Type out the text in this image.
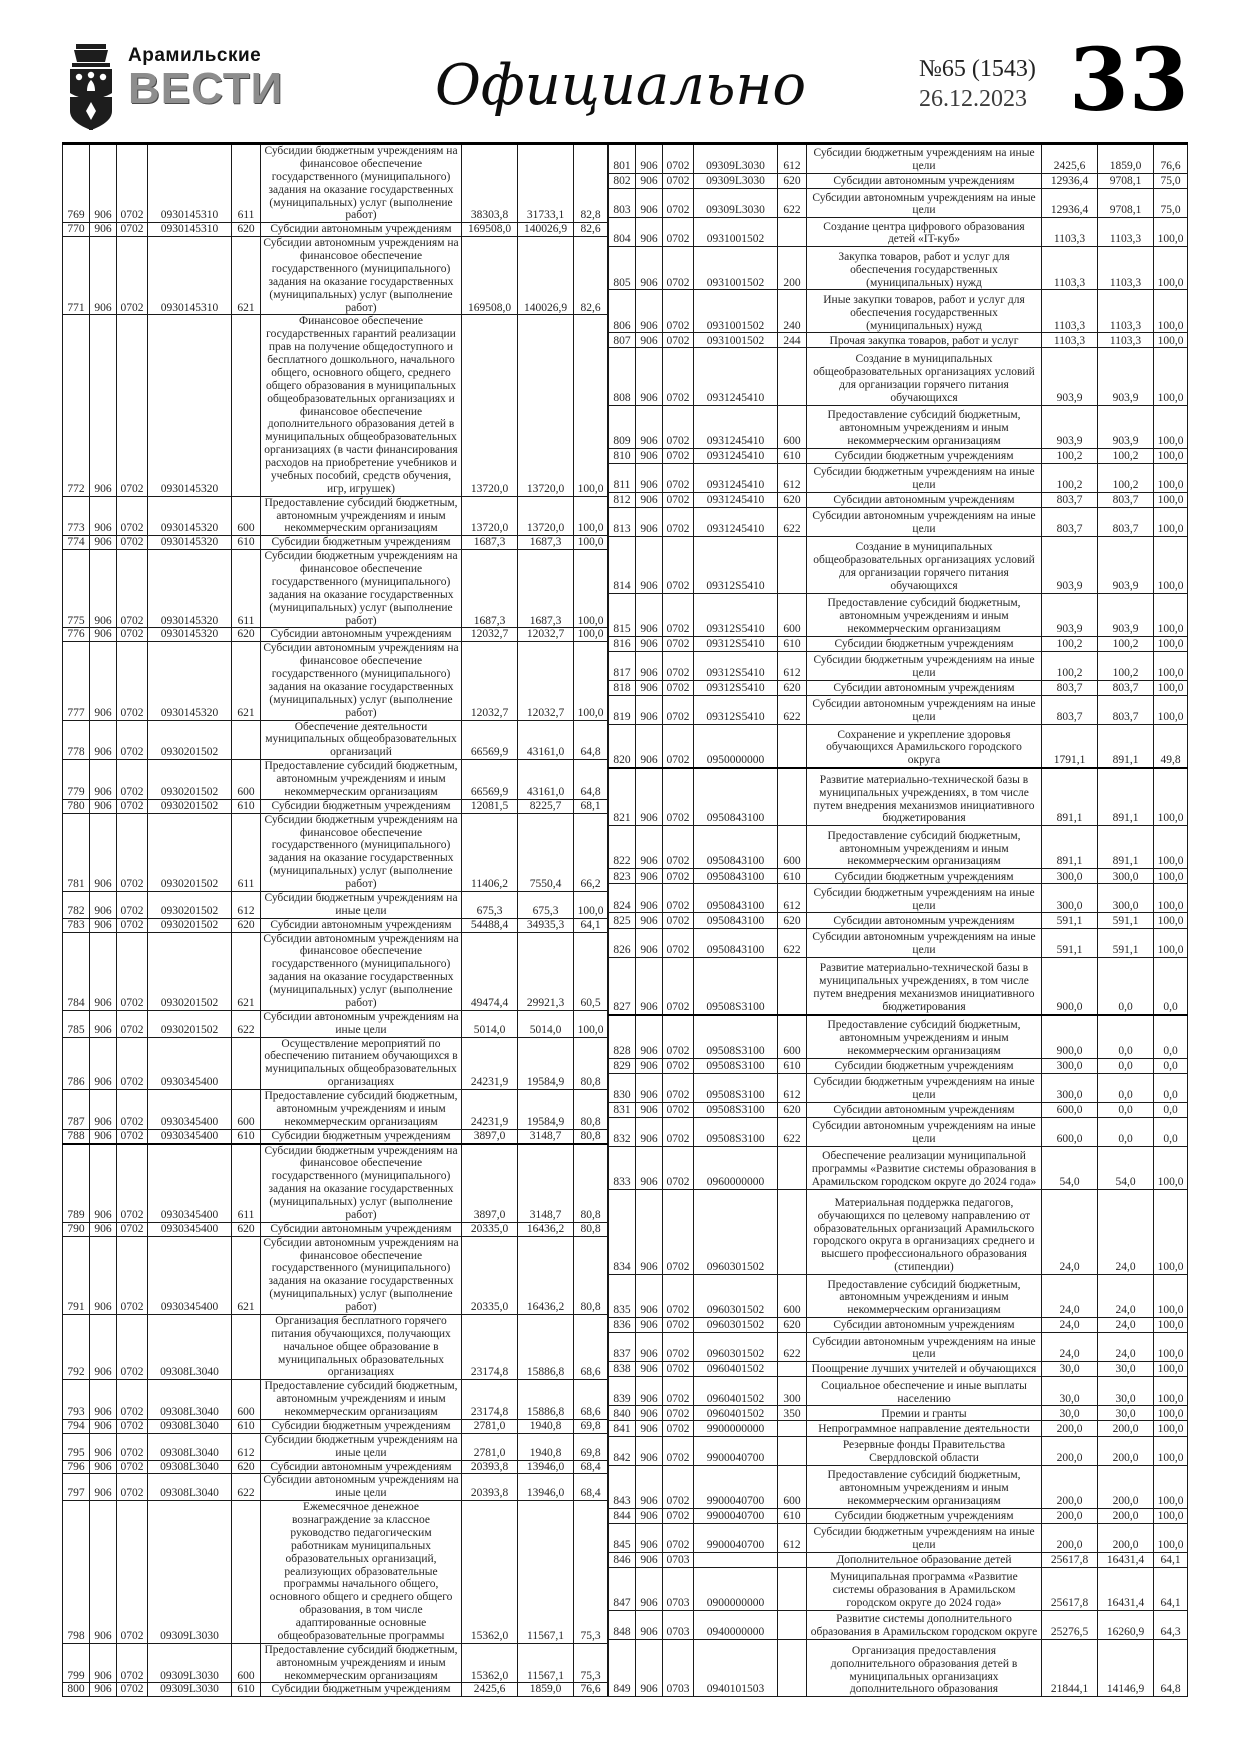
Арамильские
ВЕСТИ	Официально	№65 (1543)
26.12.2023 33
769	906	0702	0930145310	611	Субсидии бюджетным учреждениям на финансовое обеспечение государственного (муниципального) задания на оказание государственных (муниципальных) услуг (выполнение работ)	38303,8	31733,1	82,8
770	906	0702	0930145310	620	Субсидии автономным учреждениям	169508,0	140026,9	82,6
771	906	0702	0930145310	621	Субсидии автономным учреждениям на финансовое обеспечение государственного (муниципального) задания на оказание государственных (муниципальных) услуг (выполнение работ)	169508,0	140026,9	82,6
772	906	0702	0930145320		Финансовое обеспечение государственных гарантий реализации прав на получение общедоступного и бесплатного дошкольного, начального общего, основного общего, среднего общего образования в муниципальных общеобразовательных организациях и финансовое обеспечение дополнительного образования детей в муниципальных общеобразовательных организациях (в части финансирования расходов на приобретение учебников и учебных пособий, средств обучения, игр, игрушек)	13720,0	13720,0	100,0
773	906	0702	0930145320	600	Предоставление субсидий бюджетным, автономным учреждениям и иным некоммерческим организациям	13720,0	13720,0	100,0
774	906	0702	0930145320	610	Субсидии бюджетным учреждениям	1687,3	1687,3	100,0
775	906	0702	0930145320	611	Субсидии бюджетным учреждениям на финансовое обеспечение государственного (муниципального) задания на оказание государственных (муниципальных) услуг (выполнение работ)	1687,3	1687,3	100,0
776	906	0702	0930145320	620	Субсидии автономным учреждениям	12032,7	12032,7	100,0
777	906	0702	0930145320	621	Субсидии автономным учреждениям на финансовое обеспечение государственного (муниципального) задания на оказание государственных (муниципальных) услуг (выполнение работ)	12032,7	12032,7	100,0
778	906	0702	0930201502		Обеспечение деятельности муниципальных общеобразовательных организаций	66569,9	43161,0	64,8
779	906	0702	0930201502	600	Предоставление субсидий бюджетным, автономным учреждениям и иным некоммерческим организациям	66569,9	43161,0	64,8
780	906	0702	0930201502	610	Субсидии бюджетным учреждениям	12081,5	8225,7	68,1
781	906	0702	0930201502	611	Субсидии бюджетным учреждениям на финансовое обеспечение государственного (муниципального) задания на оказание государственных (муниципальных) услуг (выполнение работ)	11406,2	7550,4	66,2
782	906	0702	0930201502	612	Субсидии бюджетным учреждениям на иные цели	675,3	675,3	100,0
783	906	0702	0930201502	620	Субсидии автономным учреждениям	54488,4	34935,3	64,1
784	906	0702	0930201502	621	Субсидии автономным учреждениям на финансовое обеспечение государственного (муниципального) задания на оказание государственных (муниципальных) услуг (выполнение работ)	49474,4	29921,3	60,5
785	906	0702	0930201502	622	Субсидии автономным учреждениям на иные цели	5014,0	5014,0	100,0
786	906	0702	0930345400		Осуществление мероприятий по обеспечению питанием обучающихся в муниципальных общеобразовательных организациях	24231,9	19584,9	80,8
787	906	0702	0930345400	600	Предоставление субсидий бюджетным, автономным учреждениям и иным некоммерческим организациям	24231,9	19584,9	80,8
788	906	0702	0930345400	610	Субсидии бюджетным учреждениям	3897,0	3148,7	80,8
789	906	0702	0930345400	611	Субсидии бюджетным учреждениям на финансовое обеспечение государственного (муниципального) задания на оказание государственных (муниципальных) услуг (выполнение работ)	3897,0	3148,7	80,8
790	906	0702	0930345400	620	Субсидии автономным учреждениям	20335,0	16436,2	80,8
791	906	0702	0930345400	621	Субсидии автономным учреждениям на финансовое обеспечение государственного (муниципального) задания на оказание государственных (муниципальных) услуг (выполнение работ)	20335,0	16436,2	80,8
792	906	0702	09308L3040		Организация бесплатного горячего питания обучающихся, получающих начальное общее образование в муниципальных образовательных организациях	23174,8	15886,8	68,6
793	906	0702	09308L3040	600	Предоставление субсидий бюджетным, автономным учреждениям и иным некоммерческим организациям	23174,8	15886,8	68,6
794	906	0702	09308L3040	610	Субсидии бюджетным учреждениям	2781,0	1940,8	69,8
795	906	0702	09308L3040	612	Субсидии бюджетным учреждениям на иные цели	2781,0	1940,8	69,8
796	906	0702	09308L3040	620	Субсидии автономным учреждениям	20393,8	13946,0	68,4
797	906	0702	09308L3040	622	Субсидии автономным учреждениям на иные цели	20393,8	13946,0	68,4
798	906	0702	09309L3030		Ежемесячное денежное вознаграждение за классное руководство педагогическим работникам муниципальных образовательных организаций, реализующих образовательные программы начального общего, основного общего и среднего общего образования, в том числе адаптированные основные общеобразовательные программы	15362,0	11567,1	75,3
799	906	0702	09309L3030	600	Предоставление субсидий бюджетным, автономным учреждениям и иным некоммерческим организациям	15362,0	11567,1	75,3
800	906	0702	09309L3030	610	Субсидии бюджетным учреждениям	2425,6	1859,0	76,6
801	906	0702	09309L3030	612	Субсидии бюджетным учреждениям на иные цели	2425,6	1859,0	76,6
802	906	0702	09309L3030	620	Субсидии автономным учреждениям	12936,4	9708,1	75,0
803	906	0702	09309L3030	622	Субсидии автономным учреждениям на иные цели	12936,4	9708,1	75,0
804	906	0702	0931001502		Создание центра цифрового образования детей «IT-куб»	1103,3	1103,3	100,0
805	906	0702	0931001502	200	Закупка товаров, работ и услуг для обеспечения государственных (муниципальных) нужд	1103,3	1103,3	100,0
806	906	0702	0931001502	240	Иные закупки товаров, работ и услуг для обеспечения государственных (муниципальных) нужд	1103,3	1103,3	100,0
807	906	0702	0931001502	244	Прочая закупка товаров, работ и услуг	1103,3	1103,3	100,0
808	906	0702	0931245410		Создание в муниципальных общеобразовательных организациях условий для организации горячего питания обучающихся	903,9	903,9	100,0
809	906	0702	0931245410	600	Предоставление субсидий бюджетным, автономным учреждениям и иным некоммерческим организациям	903,9	903,9	100,0
810	906	0702	0931245410	610	Субсидии бюджетным учреждениям	100,2	100,2	100,0
811	906	0702	0931245410	612	Субсидии бюджетным учреждениям на иные цели	100,2	100,2	100,0
812	906	0702	0931245410	620	Субсидии автономным учреждениям	803,7	803,7	100,0
813	906	0702	0931245410	622	Субсидии автономным учреждениям на иные цели	803,7	803,7	100,0
814	906	0702	09312S5410		Создание в муниципальных общеобразовательных организациях условий для организации горячего питания обучающихся	903,9	903,9	100,0
815	906	0702	09312S5410	600	Предоставление субсидий бюджетным, автономным учреждениям и иным некоммерческим организациям	903,9	903,9	100,0
816	906	0702	09312S5410	610	Субсидии бюджетным учреждениям	100,2	100,2	100,0
817	906	0702	09312S5410	612	Субсидии бюджетным учреждениям на иные цели	100,2	100,2	100,0
818	906	0702	09312S5410	620	Субсидии автономным учреждениям	803,7	803,7	100,0
819	906	0702	09312S5410	622	Субсидии автономным учреждениям на иные цели	803,7	803,7	100,0
820	906	0702	0950000000		Сохранение и укрепление здоровья обучающихся Арамильского городского округа	1791,1	891,1	49,8
821	906	0702	0950843100		Развитие материально-технической базы в муниципальных учреждениях, в том числе путем внедрения механизмов инициативного бюджетирования	891,1	891,1	100,0
822	906	0702	0950843100	600	Предоставление субсидий бюджетным, автономным учреждениям и иным некоммерческим организациям	891,1	891,1	100,0
823	906	0702	0950843100	610	Субсидии бюджетным учреждениям	300,0	300,0	100,0
824	906	0702	0950843100	612	Субсидии бюджетным учреждениям на иные цели	300,0	300,0	100,0
825	906	0702	0950843100	620	Субсидии автономным учреждениям	591,1	591,1	100,0
826	906	0702	0950843100	622	Субсидии автономным учреждениям на иные цели	591,1	591,1	100,0
827	906	0702	09508S3100		Развитие материально-технической базы в муниципальных учреждениях, в том числе путем внедрения механизмов инициативного бюджетирования	900,0	0,0	0,0
828	906	0702	09508S3100	600	Предоставление субсидий бюджетным, автономным учреждениям и иным некоммерческим организациям	900,0	0,0	0,0
829	906	0702	09508S3100	610	Субсидии бюджетным учреждениям	300,0	0,0	0,0
830	906	0702	09508S3100	612	Субсидии бюджетным учреждениям на иные цели	300,0	0,0	0,0
831	906	0702	09508S3100	620	Субсидии автономным учреждениям	600,0	0,0	0,0
832	906	0702	09508S3100	622	Субсидии автономным учреждениям на иные цели	600,0	0,0	0,0
833	906	0702	0960000000		Обеспечение реализации муниципальной программы «Развитие системы образования в Арамильском городском округе до 2024 года»	54,0	54,0	100,0
834	906	0702	0960301502		Материальная поддержка педагогов, обучающихся по целевому направлению от образовательных организаций Арамильского городского округа в организациях среднего и высшего профессионального образования (стипендии)	24,0	24,0	100,0
835	906	0702	0960301502	600	Предоставление субсидий бюджетным, автономным учреждениям и иным некоммерческим организациям	24,0	24,0	100,0
836	906	0702	0960301502	620	Субсидии автономным учреждениям	24,0	24,0	100,0
837	906	0702	0960301502	622	Субсидии автономным учреждениям на иные цели	24,0	24,0	100,0
838	906	0702	0960401502		Поощрение лучших учителей и обучающихся	30,0	30,0	100,0
839	906	0702	0960401502	300	Социальное обеспечение и иные выплаты населению	30,0	30,0	100,0
840	906	0702	0960401502	350	Премии и гранты	30,0	30,0	100,0
841	906	0702	9900000000		Непрограммное направление деятельности	200,0	200,0	100,0
842	906	0702	9900040700		Резервные фонды Правительства Свердловской области	200,0	200,0	100,0
843	906	0702	9900040700	600	Предоставление субсидий бюджетным, автономным учреждениям и иным некоммерческим организациям	200,0	200,0	100,0
844	906	0702	9900040700	610	Субсидии бюджетным учреждениям	200,0	200,0	100,0
845	906	0702	9900040700	612	Субсидии бюджетным учреждениям на иные цели	200,0	200,0	100,0
846	906	0703			Дополнительное образование детей	25617,8	16431,4	64,1
847	906	0703	0900000000		Муниципальная программа «Развитие системы образования в Арамильском городском округе до 2024 года»	25617,8	16431,4	64,1
848	906	0703	0940000000		Развитие системы дополнительного образования в Арамильском городском округе	25276,5	16260,9	64,3
849	906	0703	0940101503		Организация предоставления дополнительного образования детей в муниципальных организациях дополнительного образования	21844,1	14146,9	64,8
